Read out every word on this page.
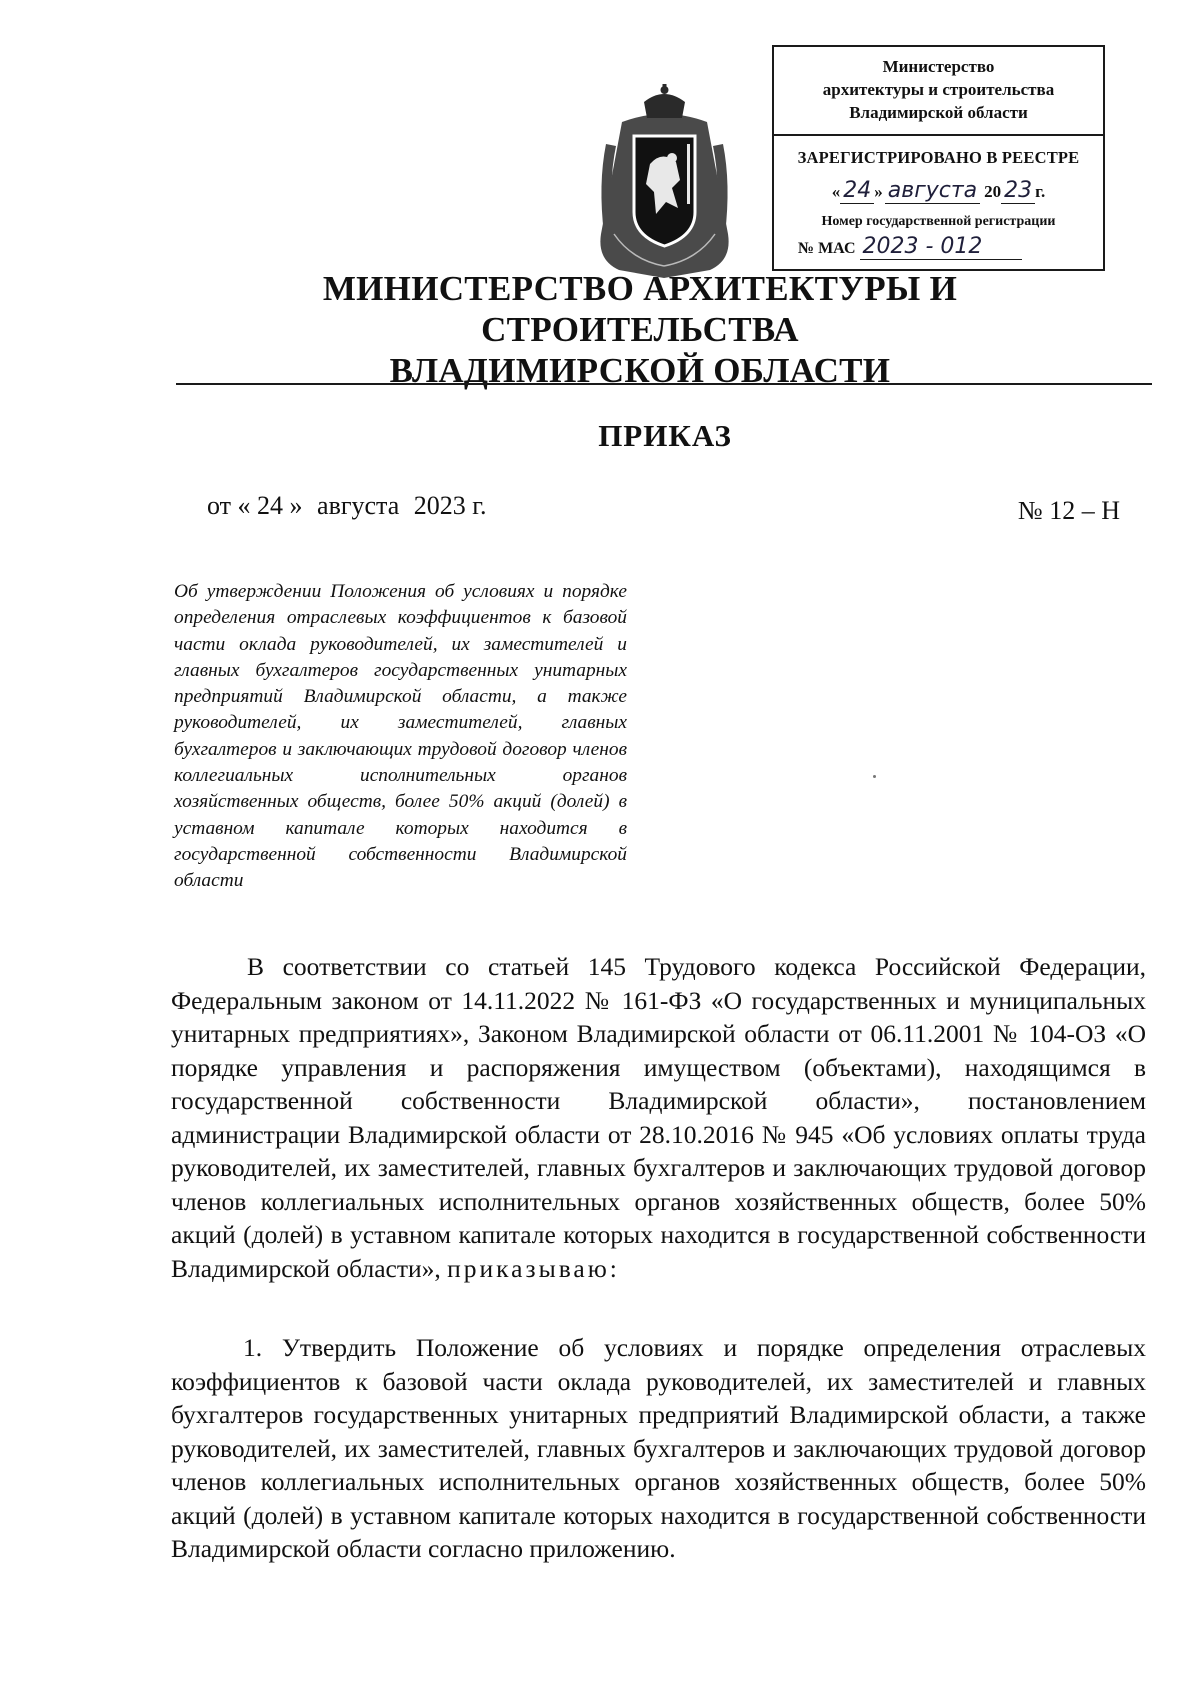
Министерство
архитектуры и строительства
Владимирской области
ЗАРЕГИСТРИРОВАНО В РЕЕСТРЕ
« 24 » августа 20 23 г.
Номер государственной регистрации
№ МАС 2023 - 012
МИНИСТЕРСТВО АРХИТЕКТУРЫ И СТРОИТЕЛЬСТВА
ВЛАДИМИРСКОЙ ОБЛАСТИ
ПРИКАЗ
от « 24 » августа 2023 г.	№ 12 – Н
Об утверждении Положения об условиях и порядке определения отраслевых коэффициентов к базовой части оклада руководителей, их заместителей и главных бухгалтеров государственных унитарных предприятий Владимирской области, а также руководителей, их заместителей, главных бухгалтеров и заключающих трудовой договор членов коллегиальных исполнительных органов хозяйственных обществ, более 50% акций (долей) в уставном капитале которых находится в государственной собственности Владимирской области
В соответствии со статьей 145 Трудового кодекса Российской Федерации, Федеральным законом от 14.11.2022 № 161-ФЗ «О государственных и муниципальных унитарных предприятиях», Законом Владимирской области от 06.11.2001 № 104-ОЗ «О порядке управления и распоряжения имуществом (объектами), находящимся в государственной собственности Владимирской области», постановлением администрации Владимирской области от 28.10.2016 № 945 «Об условиях оплаты труда руководителей, их заместителей, главных бухгалтеров и заключающих трудовой договор членов коллегиальных исполнительных органов хозяйственных обществ, более 50% акций (долей) в уставном капитале которых находится в государственной собственности Владимирской области», приказываю:
1. Утвердить Положение об условиях и порядке определения отраслевых коэффициентов к базовой части оклада руководителей, их заместителей и главных бухгалтеров государственных унитарных предприятий Владимирской области, а также руководителей, их заместителей, главных бухгалтеров и заключающих трудовой договор членов коллегиальных исполнительных органов хозяйственных обществ, более 50% акций (долей) в уставном капитале которых находится в государственной собственности Владимирской области согласно приложению.
